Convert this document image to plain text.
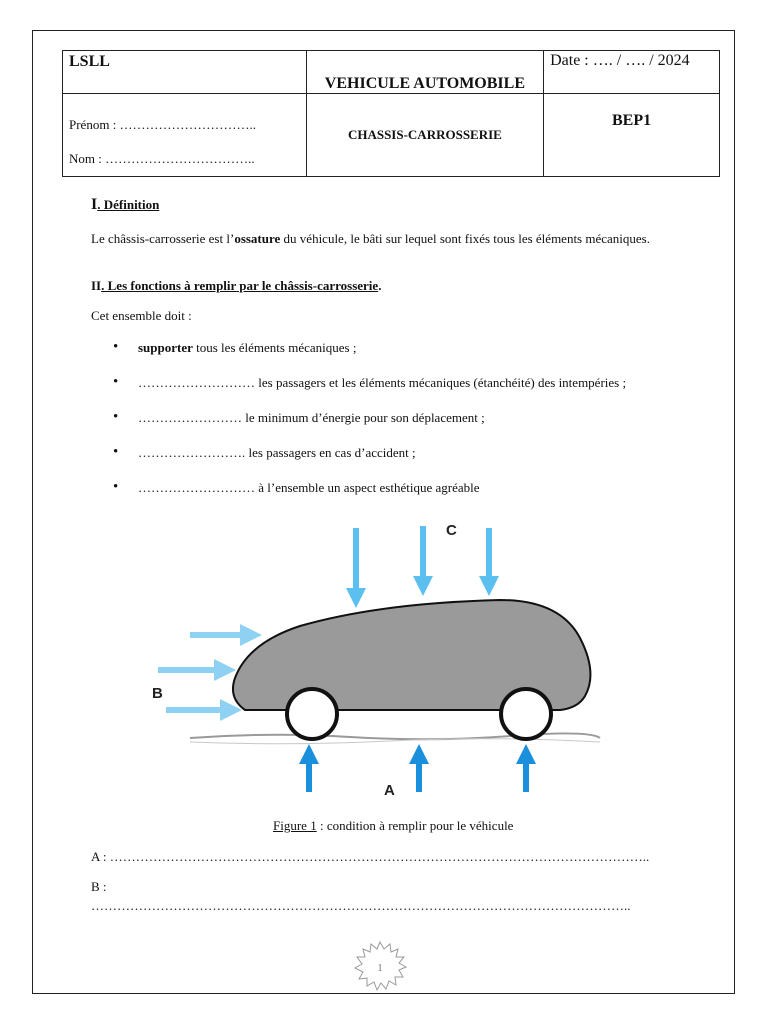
LSLL	VEHICULE AUTOMOBILE	Date : …. / …. / 2024

Prénom : …………………………..
Nom : ……………………………..	CHASSIS-CARROSSERIE	BEP1
I. Définition
Le châssis-carrosserie est l’ossature du véhicule, le bâti sur lequel sont fixés tous les éléments mécaniques.
II. Les fonctions à remplir par le châssis-carrosserie.
Cet ensemble doit :
• supporter tous les éléments mécaniques ;
• ……………………… les passagers et les éléments mécaniques (étanchéité) des intempéries ;
• …………………… le minimum d’énergie pour son déplacement ;
• ……………………. les passagers en cas d’accident ;
• ……………………… à l’ensemble un aspect esthétique agréable
C
B
A
Figure 1 : condition à remplir pour le véhicule
A : ……………………………………………………………………………………………………………..
B :
……………………………………………………………………………………………………………..
1
